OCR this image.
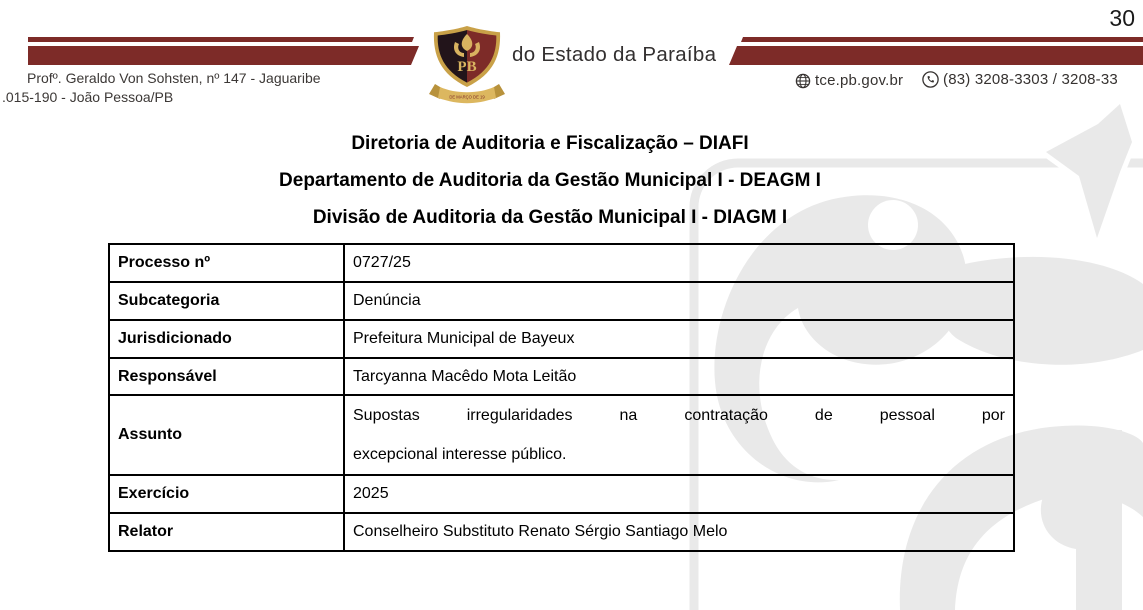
30
PB
DE MARÇO DE 19
do Estado da Paraíba
Profº. Geraldo Von Sohsten, nº 147 - Jaguaribe
.015-190 - João Pessoa/PB
tce.pb.gov.br	(83) 3208-3303 / 3208-33
Diretoria de Auditoria e Fiscalização – DIAFI
Departamento de Auditoria da Gestão Municipal I - DEAGM I
Divisão de Auditoria da Gestão Municipal I - DIAGM I
Processo nº	0727/25
Subcategoria	Denúncia
Jurisdicionado	Prefeitura Municipal de Bayeux
Responsável	Tarcyanna Macêdo Mota Leitão
Assunto	Supostas irregularidades na contratação de pessoal por
excepcional interesse público.

Exercício	2025
Relator	Conselheiro Substituto Renato Sérgio Santiago Melo
